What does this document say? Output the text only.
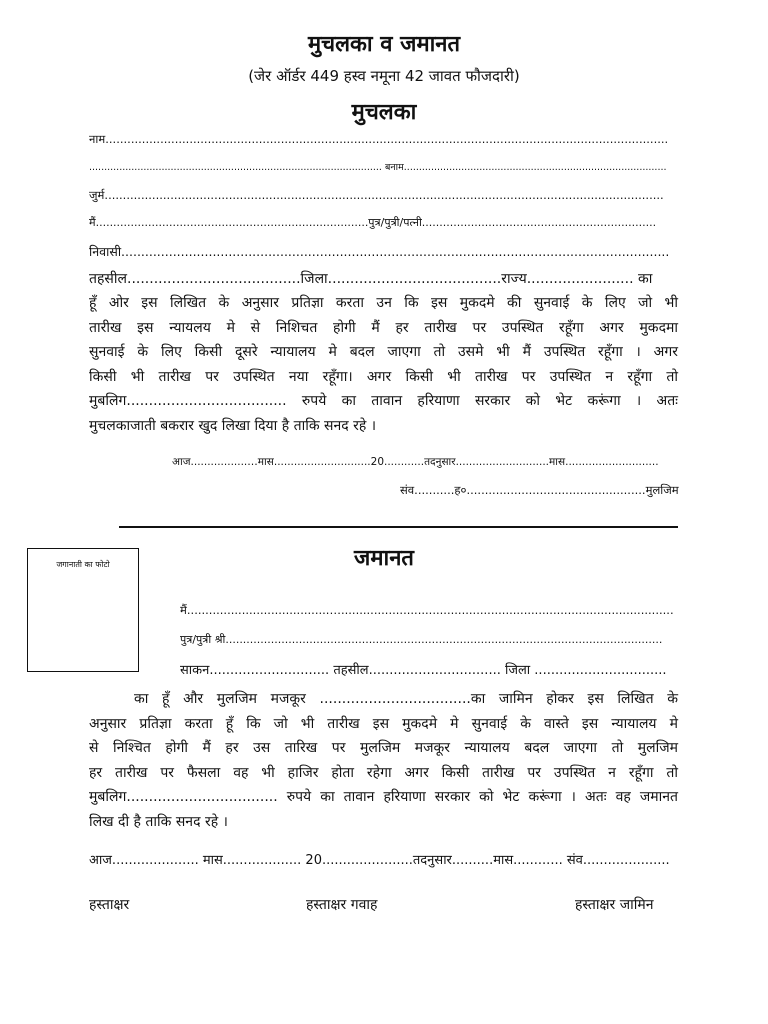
मुचलका व जमानत
(जेर ऑर्डर 449 हस्व नमूना 42 जावत फौजदारी)
मुचलका
नाम..........................................................................................................................................................
................................................................................................. बनाम.......................................................................................
जुर्म.........................................................................................................................................................
मैं..............................................................................पुत्र/पुत्री/पत्नी...................................................................
निवासी..........................................................................................................................................
तहसील.......................................जिला.......................................राज्य........................ का
हूँ ओर इस लिखित के अनुसार प्रतिज्ञा करता उन कि इस मुकदमे की सुनवाई के लिए जो भी
तारीख इस न्यायलय मे से निशिचत होगी मैं हर तारीख पर उपस्थित रहूँगा अगर मुकदमा
सुनवाई के लिए किसी दूसरे न्यायालय मे बदल जाएगा तो उसमे भी मैं उपस्थित रहूँगा । अगर
किसी भी तारीख पर उपस्थित नया रहूँगा। अगर किसी भी तारीख पर उपस्थित न रहूँगा तो
मुबलिग.................................... रुपये का तावान हरियाणा सरकार को भेट करूंगा । अतः
मुचलकाजाती बकरार खुद लिखा दिया है ताकि सनद रहे ।
आज.................…मास.............................20............तदनुसार............................मास............................
संव...........ह०.................................................मुलजिम
जगानाती का फोटो	जमानत
मैं.......................................…...........................................................................................
पुत्र/पुत्री श्री.............................................................................................................................
साकन............................. तहसील................................ जिला ................................
का हूँ और मुलजिम मजकूर ..................................का जामिन होकर इस लिखित के
अनुसार प्रतिज्ञा करता हूँ कि जो भी तारीख इस मुकदमे मे सुनवाई के वास्ते इस न्यायालय मे
से निश्चित होगी मैं हर उस तारिख पर मुलजिम मजकूर न्यायालय बदल जाएगा तो मुलजिम
हर तारीख पर फैसला वह भी हाजिर होता रहेगा अगर किसी तारीख पर उपस्थित न रहूँगा तो
मुबलिग.................................. रुपये का तावान हरियाणा सरकार को भेट करूंगा । अतः वह जमानत
लिख दी है ताकि सनद रहे ।
आज..................... मास................... 20......................तदनुसार..........मास............ संव.....................
हस्ताक्षर	हस्ताक्षर गवाह	हस्ताक्षर जामिन
